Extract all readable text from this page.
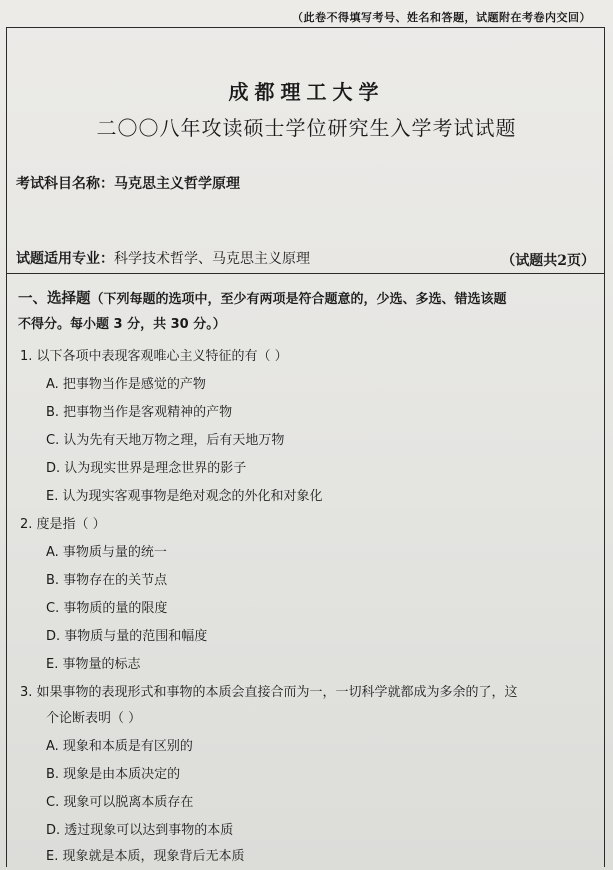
（此卷不得填写考号、姓名和答题，试题附在考卷内交回）
成都理工大学
二〇〇八年攻读硕士学位研究生入学考试试题
考试科目名称：马克思主义哲学原理
试题适用专业：科学技术哲学、马克思主义原理	（试题共2页）
一、选择题（下列每题的选项中，至少有两项是符合题意的，少选、多选、错选该题
不得分。每小题 3 分，共 30 分。）
1. 以下各项中表现客观唯心主义特征的有（ ）
A. 把事物当作是感觉的产物
B. 把事物当作是客观精神的产物
C. 认为先有天地万物之理，后有天地万物
D. 认为现实世界是理念世界的影子
E. 认为现实客观事物是绝对观念的外化和对象化
2. 度是指（ ）
A. 事物质与量的统一
B. 事物存在的关节点
C. 事物质的量的限度
D. 事物质与量的范围和幅度
E. 事物量的标志
3. 如果事物的表现形式和事物的本质会直接合而为一，一切科学就都成为多余的了，这
个论断表明（ ）
A. 现象和本质是有区别的
B. 现象是由本质决定的
C. 现象可以脱离本质存在
D. 透过现象可以达到事物的本质
E. 现象就是本质，现象背后无本质
